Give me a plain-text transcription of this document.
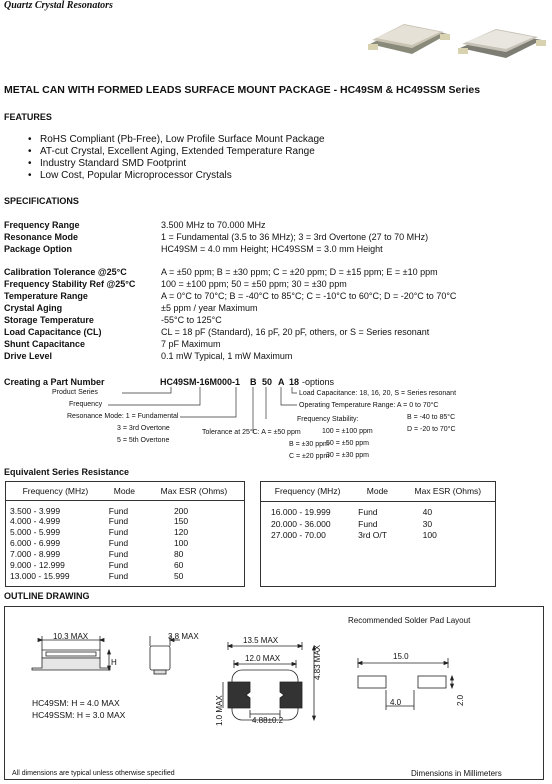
Quartz Crystal Resonators
METAL CAN WITH FORMED LEADS SURFACE MOUNT PACKAGE - HC49SM & HC49SSM Series
FEATURES
• RoHS Compliant (Pb-Free), Low Profile Surface Mount Package
• AT-cut Crystal, Excellent Aging, Extended Temperature Range
• Industry Standard SMD Footprint
• Low Cost, Popular Microprocessor Crystals
SPECIFICATIONS
Frequency Range	3.500 MHz to 70.000 MHz
Resonance Mode	1 = Fundamental (3.5 to 36 MHz); 3 = 3rd Overtone (27 to 70 MHz)
Package Option	HC49SM = 4.0 mm Height; HC49SSM = 3.0 mm Height
Calibration Tolerance @25°C	A = ±50 ppm; B = ±30 ppm; C = ±20 ppm; D = ±15 ppm; E = ±10 ppm
Frequency Stability Ref @25°C	100 = ±100 ppm; 50 = ±50 ppm; 30 = ±30 ppm
Temperature Range	A = 0°C to 70°C; B = -40°C to 85°C; C = -10°C to 60°C; D = -20°C to 70°C
Crystal Aging	±5 ppm / year Maximum
Storage Temperature	-55°C to 125°C
Load Capacitance (CL)	CL = 18 pF (Standard), 16 pF, 20 pF, others, or S = Series resonant
Shunt Capacitance	7 pF Maximum
Drive Level	0.1 mW Typical, 1 mW Maximum
Creating a Part Number	HC49SM-16M000-1 B 50 A 18 -options
Product Series
Frequency
Resonance Mode: 1 = Fundamental
3 = 3rd Overtone
5 = 5th Overtone
Tolerance at 25°C: A = ±50 ppm
B = ±30 ppm
C = ±20 ppm
Frequency Stability:
100 = ±100 ppm
50 = ±50 ppm
30 = ±30 ppm
Operating Temperature Range: A = 0 to 70°C
B = -40 to 85°C
D = -20 to 70°C
Load Capacitance: 18, 16, 20, S = Series resonant
Equivalent Series Resistance
Frequency (MHz)	Mode	Max ESR (Ohms)

3.500 - 3.999	Fund	200
4.000 - 4.999	Fund	150
5.000 - 5.999	Fund	120
6.000 - 6.999	Fund	100
7.000 - 8.999	Fund	80
9.000 - 12.999	Fund	60
13.000 - 15.999	Fund	50

Frequency (MHz)	Mode	Max ESR (Ohms)

16.000 - 19.999	Fund	40
20.000 - 36.000	Fund	30
27.000 - 70.00	3rd O/T	100

OUTLINE DRAWING
10.3 MAX	3.8 MAX
H
HC49SM: H = 4.0 MAX
HC49SSM: H = 3.0 MAX
13.5 MAX
12.0 MAX	4.83 MAX
1.0 MAX	4.88±0.2
Recommended Solder Pad Layout
15.0
4.0	2.0
All dimensions are typical unless otherwise specified	Dimensions in Millimeters
